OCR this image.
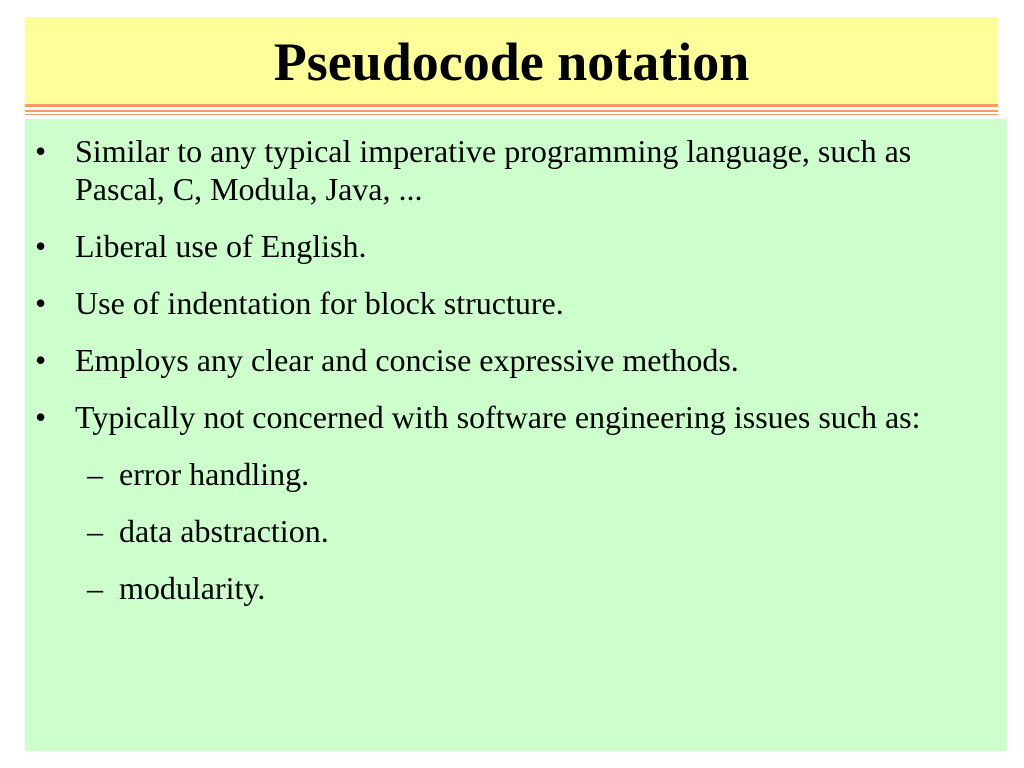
Pseudocode notation
• Similar to any typical imperative programming language, such as Pascal, C, Modula, Java, ...
• Liberal use of English.
• Use of indentation for block structure.
• Employs any clear and concise expressive methods.
• Typically not concerned with software engineering issues such as:
– error handling.
– data abstraction.
– modularity.
